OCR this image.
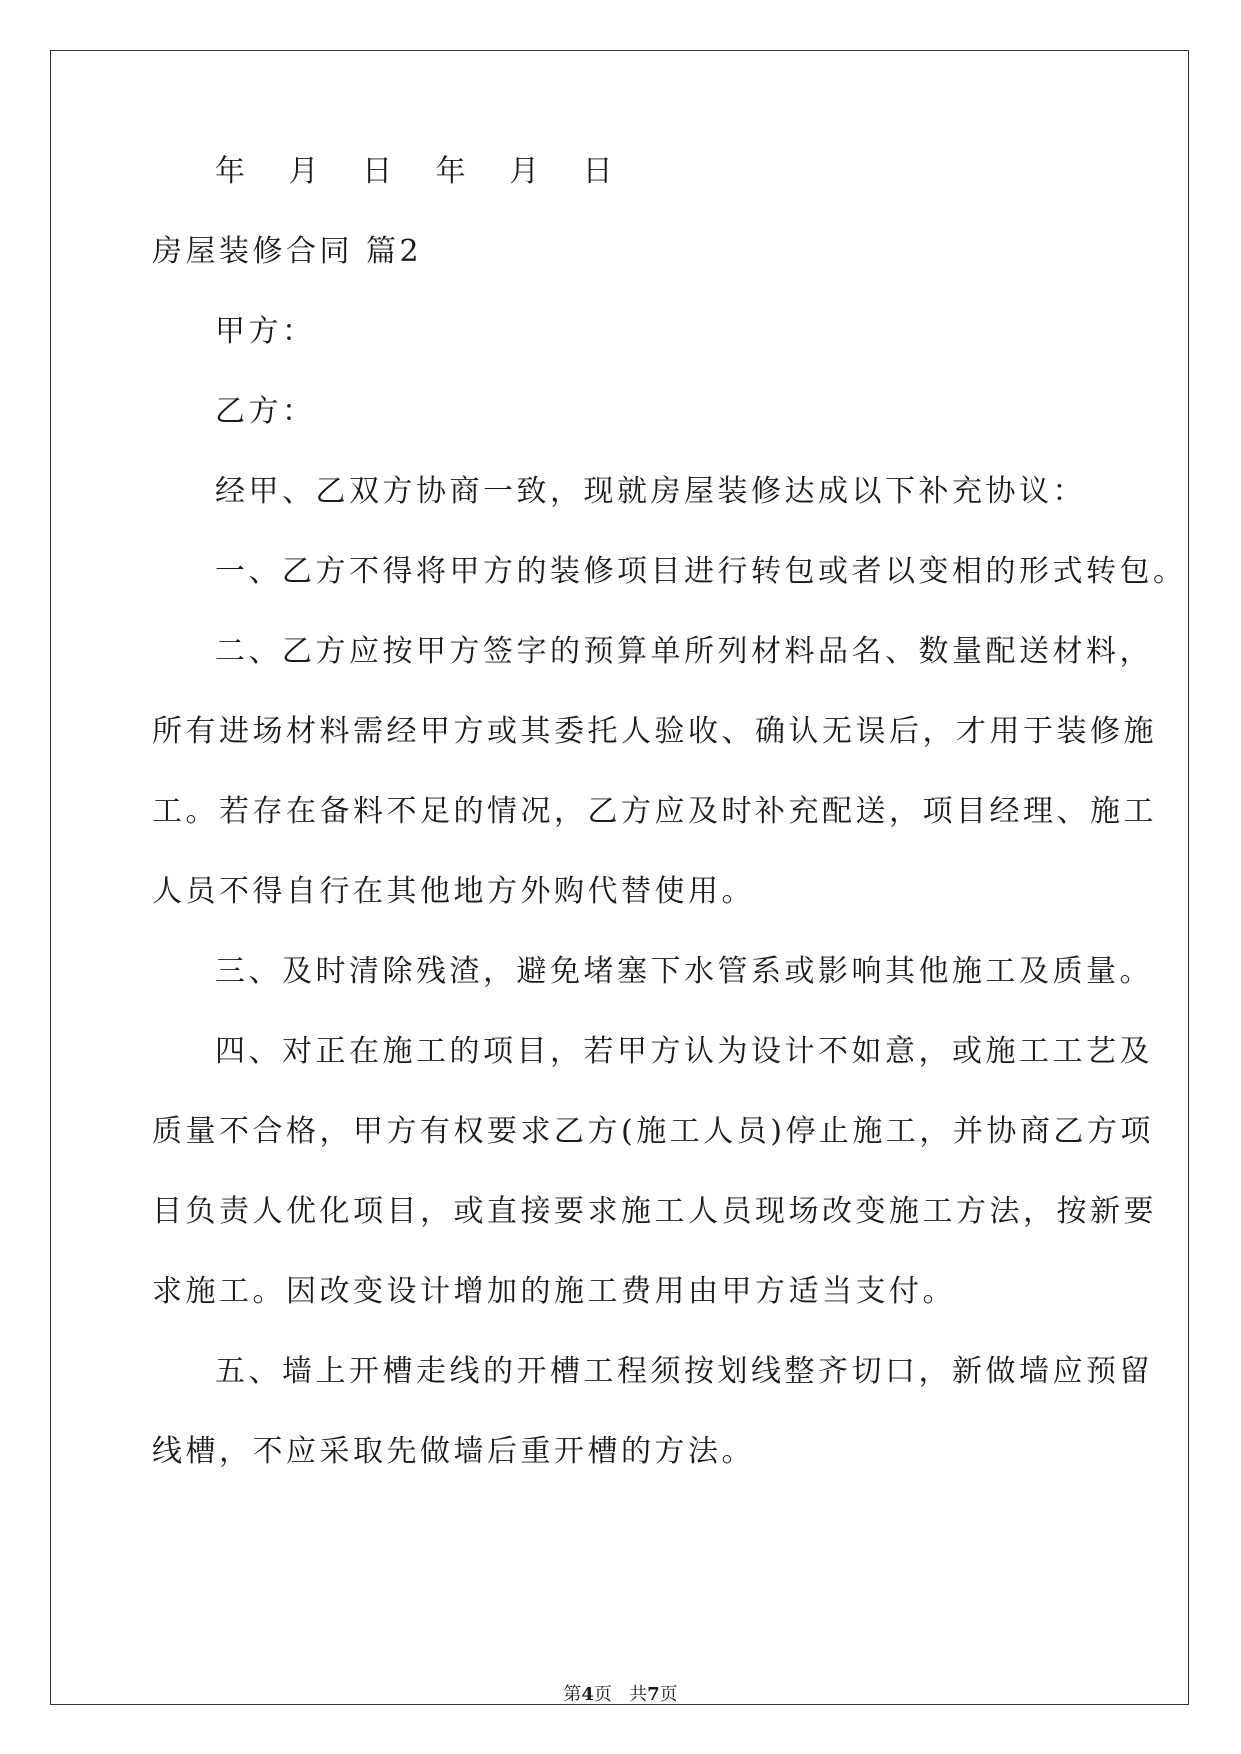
年 月 日 年 月 日
房屋装修合同 篇2
甲方：
乙方：
经甲、乙双方协商一致，现就房屋装修达成以下补充协议：
一、乙方不得将甲方的装修项目进行转包或者以变相的形式转包。
二、乙方应按甲方签字的预算单所列材料品名、数量配送材料，
所有进场材料需经甲方或其委托人验收、确认无误后，才用于装修施
工。若存在备料不足的情况，乙方应及时补充配送，项目经理、施工
人员不得自行在其他地方外购代替使用。
三、及时清除残渣，避免堵塞下水管系或影响其他施工及质量。
四、对正在施工的项目，若甲方认为设计不如意，或施工工艺及
质量不合格，甲方有权要求乙方(施工人员)停止施工，并协商乙方项
目负责人优化项目，或直接要求施工人员现场改变施工方法，按新要
求施工。因改变设计增加的施工费用由甲方适当支付。
五、墙上开槽走线的开槽工程须按划线整齐切口，新做墙应预留
线槽，不应采取先做墙后重开槽的方法。
第4页   共7页
